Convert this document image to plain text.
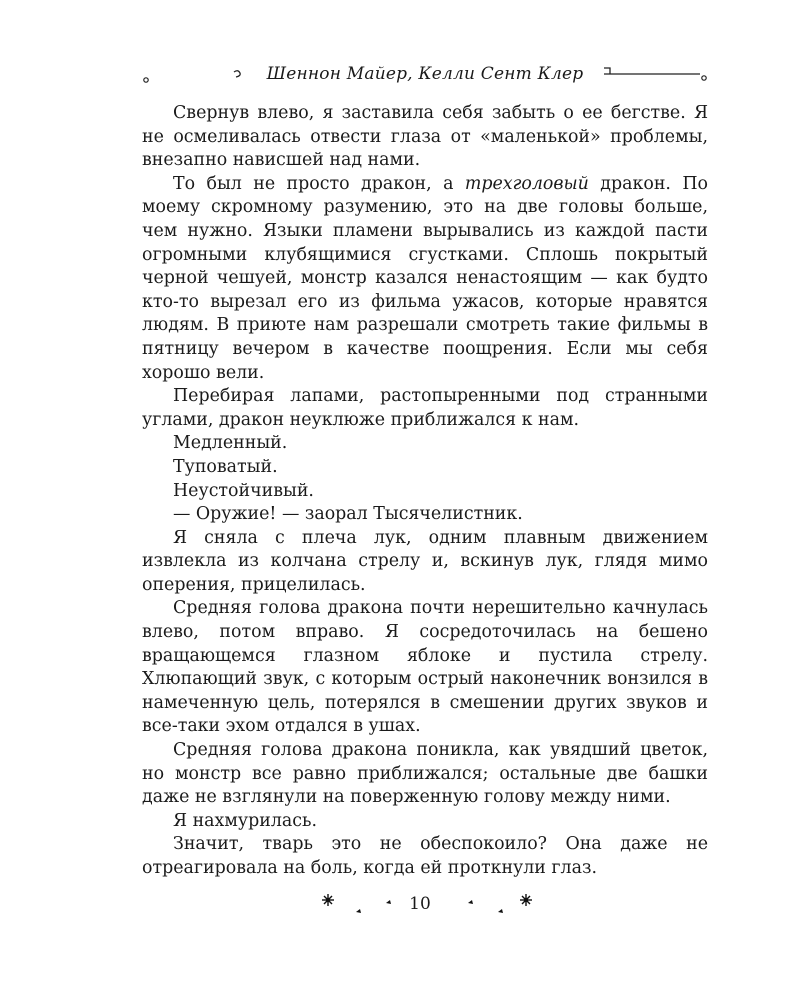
Шеннон Майер, Келли Сент Клер

Свернув влево, я заставила себя забыть о ее бегстве. Я не осмеливалась отвести глаза от «маленькой» проблемы, внезапно нависшей над нами.

То был не просто дракон, а трехголовый дракон. По моему скромному разумению, это на две головы больше, чем нужно. Языки пламени вырывались из каждой пасти огромными клубящимися сгустками. Сплошь покрытый черной чешуей, монстр казался ненастоящим — как будто кто-то вырезал его из фильма ужасов, которые нравятся людям. В приюте нам разрешали смотреть такие фильмы в пятницу вечером в качестве поощрения. Если мы себя хорошо вели.

Перебирая лапами, растопыренными под странными углами, дракон неуклюже приближался к нам.

Медленный.

Туповатый.

Неустойчивый.

— Оружие! — заорал Тысячелистник.

Я сняла с плеча лук, одним плавным движением извлекла из колчана стрелу и, вскинув лук, глядя мимо оперения, прицелилась.

Средняя голова дракона почти нерешительно качнулась влево, потом вправо. Я сосредоточилась на бешено вращающемся глазном яблоке и пустила стрелу. Хлюпающий звук, с которым острый наконечник вонзился в намеченную цель, потерялся в смешении других звуков и все-таки эхом отдался в ушах.

Средняя голова дракона поникла, как увядший цветок, но монстр все равно приближался; остальные две башки даже не взглянули на поверженную голову между ними.

Я нахмурилась.

Значит, тварь это не обеспокоило? Она даже не отреагировала на боль, когда ей проткнули глаз.

10
